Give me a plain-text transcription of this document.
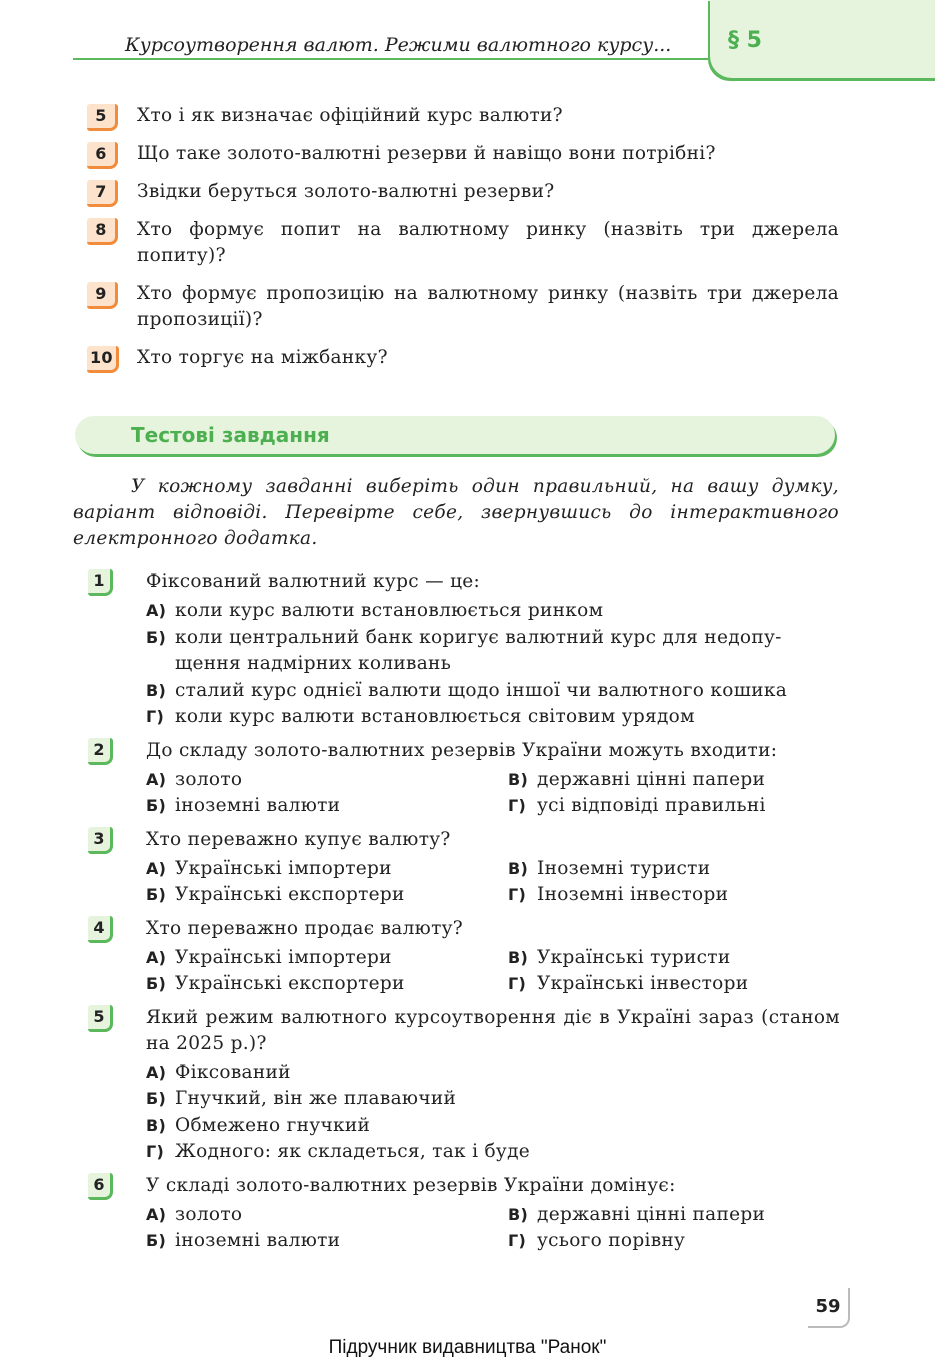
Курсоутворення валют. Режими валютного курсу...	§ 5
5	Хто і як визначає офіційний курс валюти?
6	Що таке золото-валютні резерви й навіщо вони потрібні?
7	Звідки беруться золото-валютні резерви?
8	Хто формує попит на валютному ринку (назвіть три джерела попиту)?
9	Хто формує пропозицію на валютному ринку (назвіть три джерела пропозиції)?
10	Хто торгує на міжбанку?
Тестові завдання
У кожному завданні виберіть один правильний, на вашу думку, варіант відповіді. Перевірте себе, звернувшись до інтерактивного електронного додатка.
1	Фіксований валютний курс — це:
А) коли курс валюти встановлюється ринком
Б) коли центральний банк коригує валютний курс для недопущення надмірних коливань
В) сталий курс однієї валюти щодо іншої чи валютного кошика
Г) коли курс валюти встановлюється світовим урядом
2	До складу золото-валютних резервів України можуть входити:
А) золото	В) державні цінні папери
Б) іноземні валюти	Г) усі відповіді правильні
3	Хто переважно купує валюту?
А) Українські імпортери	В) Іноземні туристи
Б) Українські експортери	Г) Іноземні інвестори
4	Хто переважно продає валюту?
А) Українські імпортери	В) Українські туристи
Б) Українські експортери	Г) Українські інвестори
5	Який режим валютного курсоутворення діє в Україні зараз (станом на 2025 р.)?
А) Фіксований
Б) Гнучкий, він же плаваючий
В) Обмежено гнучкий
Г) Жодного: як складеться, так і буде
6	У складі золото-валютних резервів України домінує:
А) золото	В) державні цінні папери
Б) іноземні валюти	Г) усього порівну
59
Підручник видавництва "Ранок"
